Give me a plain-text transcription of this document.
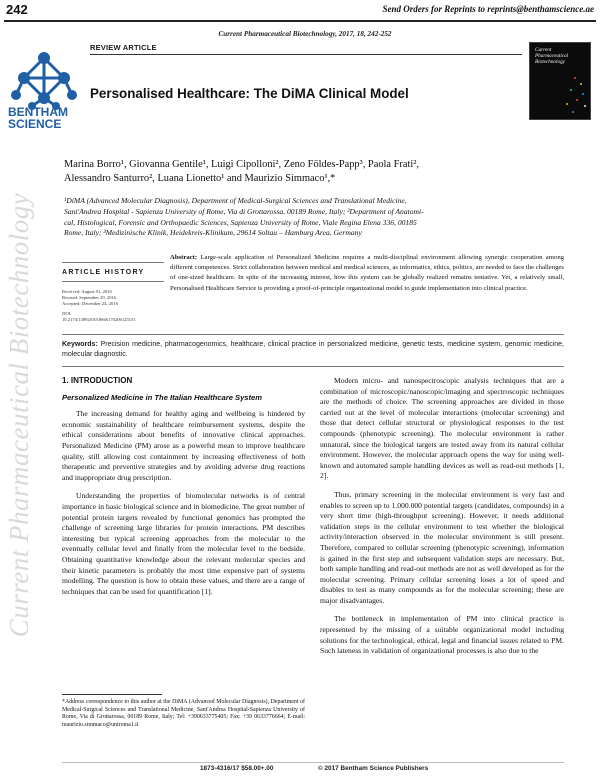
Current Pharmaceutical Biotechnology
242	Send Orders for Reprints to reprints@benthamscience.ae
Current Pharmaceutical Biotechnology, 2017, 18, 242-252
REVIEW ARTICLE
BENTHAM
SCIENCE
Current
Pharmaceutical
Biotechnology
Personalised Healthcare: The DiMA Clinical Model
Marina Borro¹, Giovanna Gentile¹, Luigi Cipolloni², Zeno Földes-Papp³, Paola Frati²,
Alessandro Santurro², Luana Lionetto¹ and Maurizio Simmaco¹,*
¹DiMA (Advanced Molecular Diagnosis), Department of Medical-Surgical Sciences and Translational Medicine,
Sant'Andrea Hospital - Sapienza University of Rome, Via di Grottarossa, 00189 Rome, Italy; ²Department of Anatomi-
cal, Histological, Forensic and Orthopaedic Sciences, Sapienza University of Rome, Viale Regina Elena 336, 00185
Rome, Italy; ³Medizinische Klinik, Heidekreis-Klinikum, 29614 Soltau – Hamburg Area, Germany
ARTICLE HISTORY
Received: August 01, 2016
Revised: September 29, 2016
Accepted: December 24, 2016
DOI:
10.2174/1389201018666170206125151
Abstract: Large-scale application of Personalized Medicine requires a multi-disciplinal environment allowing synergic cooperation among different competences. Strict collaboration between medical and medical sciences, as informatics, ethics, politics, are needed to face the challenges of one-sized healthcare. In spite of the increasing interest, how this system can be globally realized remains tentative. Yet, a relatively small, Personalised Healthcare Service is providing a proof-of-principle organizational model to guide implementation into clinical practice.
Keywords: Precision medicine, pharmacogenomics, healthcare, clinical practice in personalized medicine, genetic tests, medicine system, genomic medicine, molecular diagnostic.
1. INTRODUCTION
Personalized Medicine in The Italian Healthcare System

The increasing demand for healthy aging and wellbeing is hindered by economic sustainability of healthcare reimbursement systems, despite the ethical considerations about benefits of innovative clinical approaches. Personalized Medicine (PM) arose as a powerful mean to improve healthcare quality, still allowing cost containment by increasing effectiveness of both therapeutic and preventive strategies and by avoiding adverse drug reactions and inappropriate drug prescription.

Understanding the properties of biomolecular networks is of central importance in basic biological science and in biomedicine. The great number of potential protein targets revealed by functional genomics has prompted the challenge of screening large libraries for protein interactions. PM describes interesting but typical screening approaches from the molecular to the eventually cellular level and finally from the molecular level to the bedside. Obtaining quantitative knowledge about the relevant molecular species and their kinetic parameters is probably the most time expensive part of systems modelling. The question is how to obtain these values, and there are a range of techniques that can be used for quantification [1].

Modern micro- and nanospectroscopic analysis techniques that are a combination of microscopic/nanoscopic/imaging and spectroscopic techniques are the methods of choice. The screening approaches are divided in those carried out at the level of molecular interactions (molecular screening) and those that detect cellular structural or physiological responses to the test compounds (phenotypic screening). The molecular environment is rather unnatural, since the biological targets are tested away from its natural cellular environment. However, the molecular approach opens the way for using well-known and automated sample handling devices as well as read-out methods [1, 2].

Thus, primary screening in the molecular environment is very fast and enables to screen up to 1.000.000 potential targets (candidates, compounds) in a very short time (high-throughput screening). However, it needs additional validation steps in the cellular environment to test whether the biological activity/interaction observed in the molecular environment is still present. Therefore, compared to cellular screening (phenotypic screening), information is gained in the first step and subsequent validation steps are necessary. But, both sample handling and read-out methods are not as well developed as for the molecular screening. Primary cellular screening loses a lot of speed and disables to test as many compounds as for the molecular screening; these are major disadvantages.

The bottleneck in implementation of PM into clinical practice is represented by the missing of a suitable organizational model including solutions for the technological, ethical, legal and financial issues related to PM. Such lateness in validation of organizational processes is also due to the

*Address correspondence to this author at the DiMA (Advanced Molecular Diagnosis), Department of Medical-Surgical Sciences and Translational Medicine, Sant'Andrea Hospital-Sapienza University of Rome, Via di Grottarossa, 00189 Rome, Italy; Tel: +390633775405; Fax: +39 0633776664; E-mail: maurizio.simmaco@uniroma1.it
1873-4316/17 $58.00+.00	© 2017 Bentham Science Publishers
